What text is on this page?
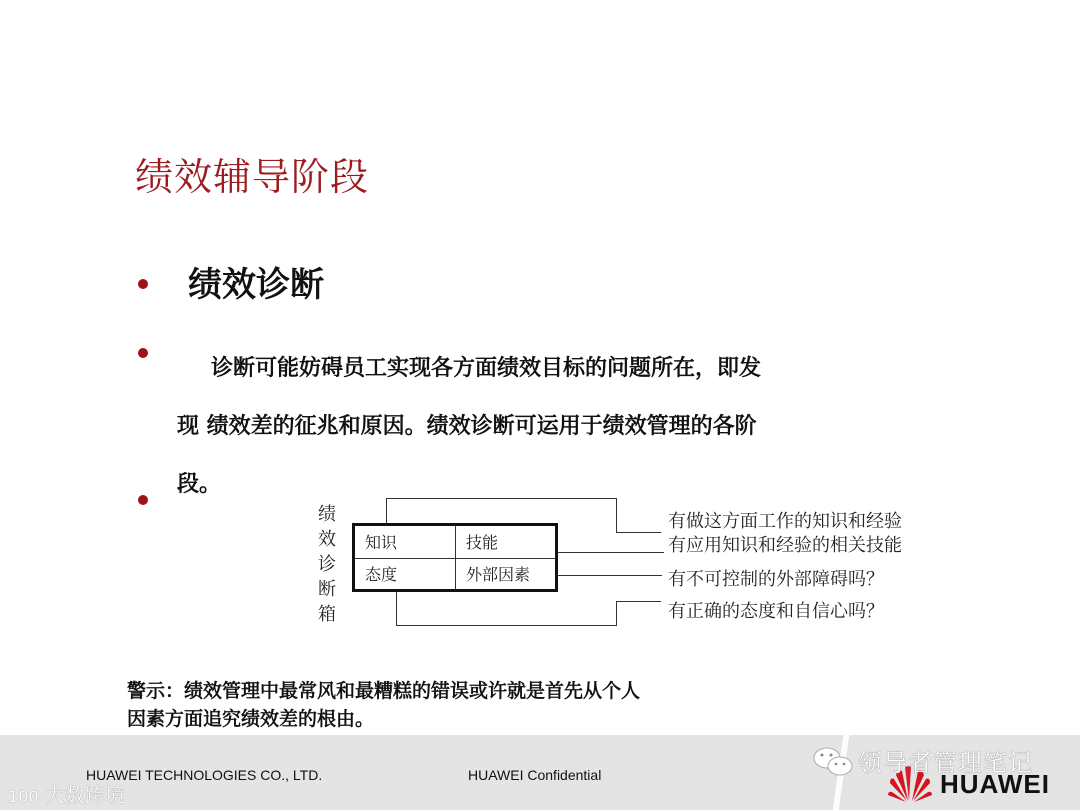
绩效辅导阶段
绩效诊断
诊断可能妨碍员工实现各方面绩效目标的问题所在，即发
现 绩效差的征兆和原因。绩效诊断可运用于绩效管理的各阶
段。
绩效诊断箱
知识	技能
态度	外部因素
有做这方面工作的知识和经验
有应用知识和经验的相关技能
有不可控制的外部障碍吗？
有正确的态度和自信心吗？
警示：绩效管理中最常风和最糟糕的错误或许就是首先从个人
因素方面追究绩效差的根由。
100 大数跨境
HUAWEI TECHNOLOGIES CO., LTD.	HUAWEI Confidential	HUAWEI
领导者管理笔记
